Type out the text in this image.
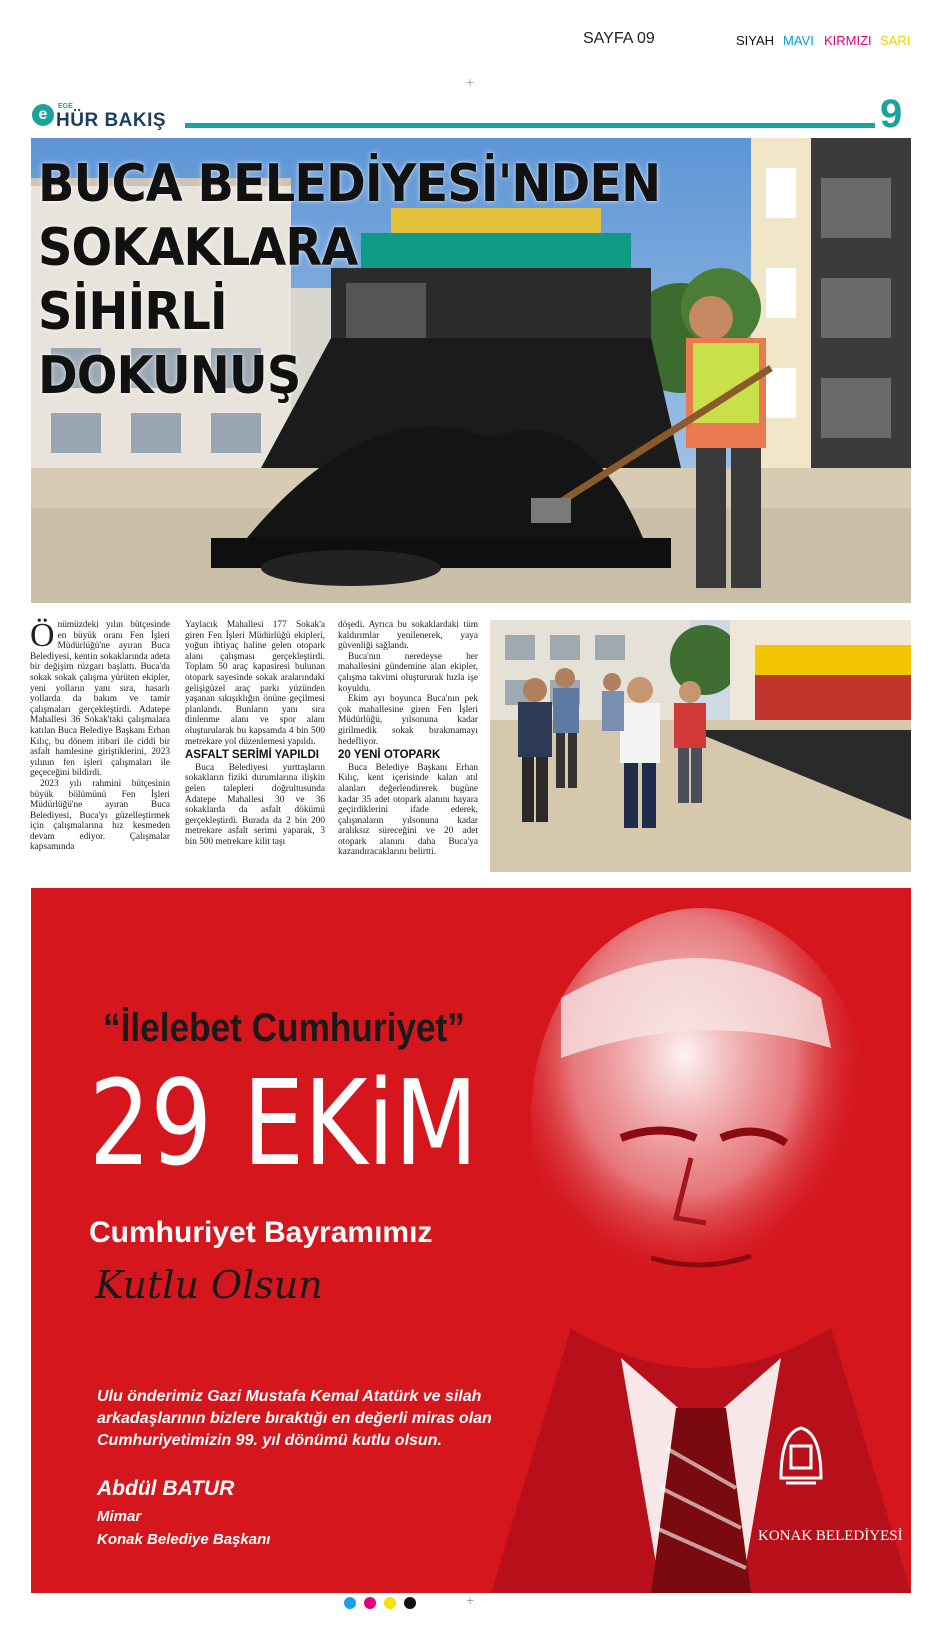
SAYFA 09	SIYAH MAVI KIRMIZI SARI
+
e	EGE
HÜR BAKIŞ	9
BUCA BELEDİYESİ'NDEN
SOKAKLARA
SİHİRLİ
DOKUNUŞ
Ö nümüzdeki yılın bütçesinde en büyük oranı Fen İşleri Müdürlüğü'ne ayıran Buca Belediyesi, kentin sokaklarında adeta bir değişim rüzgarı başlattı. Buca'da sokak sokak çalışma yürüten ekipler, yeni yolların yanı sıra, hasarlı yollarda da bakım ve tamir çalışmaları gerçekleştirdi. Adatepe Mahallesi 36 Sokak'taki çalışmalara katılan Buca Belediye Başkanı Erhan Kılıç, bu dönem itibari ile ciddi bir asfalt hamlesine giriştiklerini, 2023 yılının fen işleri çalışmaları ile geçeceğini bildirdi.

2023 yılı rahmini bütçesinin büyük bölümünü Fen İşleri Müdürlüğü'ne ayıran Buca Belediyesi, Buca'yı güzelleştirmek için çalışmalarına hız kesmeden devam ediyor. Çalışmalar kapsamında

Yaylacık Mahallesi 177 Sokak'a giren Fen İşleri Müdürlüğü ekipleri, yoğun ihtiyaç haline gelen otopark alanı çalışması gerçekleştirdi. Toplam 50 araç kapasiresi bulunan otopark sayesinde sokak aralarındaki gelişigüzel araç parkı yüzünden yaşanan sıkışıklığın önüne geçilmesi planlandı. Bunların yanı sıra dinlenme alanı ve spor alanı oluşturularak bu kapsamda 4 bin 500 metrekare yol düzenlemesi yapıldı.

ASFALT SERİMİ YAPILDI

Buca Belediyesi yurttaşların sokakların fiziki durumlarına ilişkin gelen talepleri doğrultusunda Adatepe Mahallesi 30 ve 36 sokaklarda da asfalt dökümü gerçekleştirdi. Burada da 2 bin 200 metrekare asfalt serimi yaparak, 3 bin 500 metrekare kilit taşı

döşedi. Ayrıca bu sokaklardaki tüm kaldırımlar yenilenerek, yaya güvenliği sağlandı.

Buca'nın neredeyse her mahallesini gündemine alan ekipler, çalışma takvimi oluştururak hızla işe koyuldu.

Ekim ayı boyunca Buca'nın pek çok mahallesine giren Fen İşleri Müdürlüğü, yılsonuna kadar girilmedik sokak bırakmamayı hedefliyor.

20 YENİ OTOPARK

Buca Belediye Başkanı Erhan Kılıç, kent içerisinde kalan atıl alanları değerlendirerek bugüne kadar 35 adet otopark alanını hayara geçirdiklerini ifade ederek, çalışmaların yılsonuna kadar aralıksız süreceğini ve 20 adet otopark alanını daha Buca'ya kazandıracaklarını belirtti.

“İlelebet Cumhuriyet”
29 EKiM
Cumhuriyet Bayramımız
Kutlu Olsun
Ulu önderimiz Gazi Mustafa Kemal Atatürk ve silah arkadaşlarının bizlere bıraktığı en değerli miras olan Cumhuriyetimizin 99. yıl dönümü kutlu olsun.
Abdül BATUR
Mimar
Konak Belediye Başkanı	KONAK BELEDİYESİ
+
